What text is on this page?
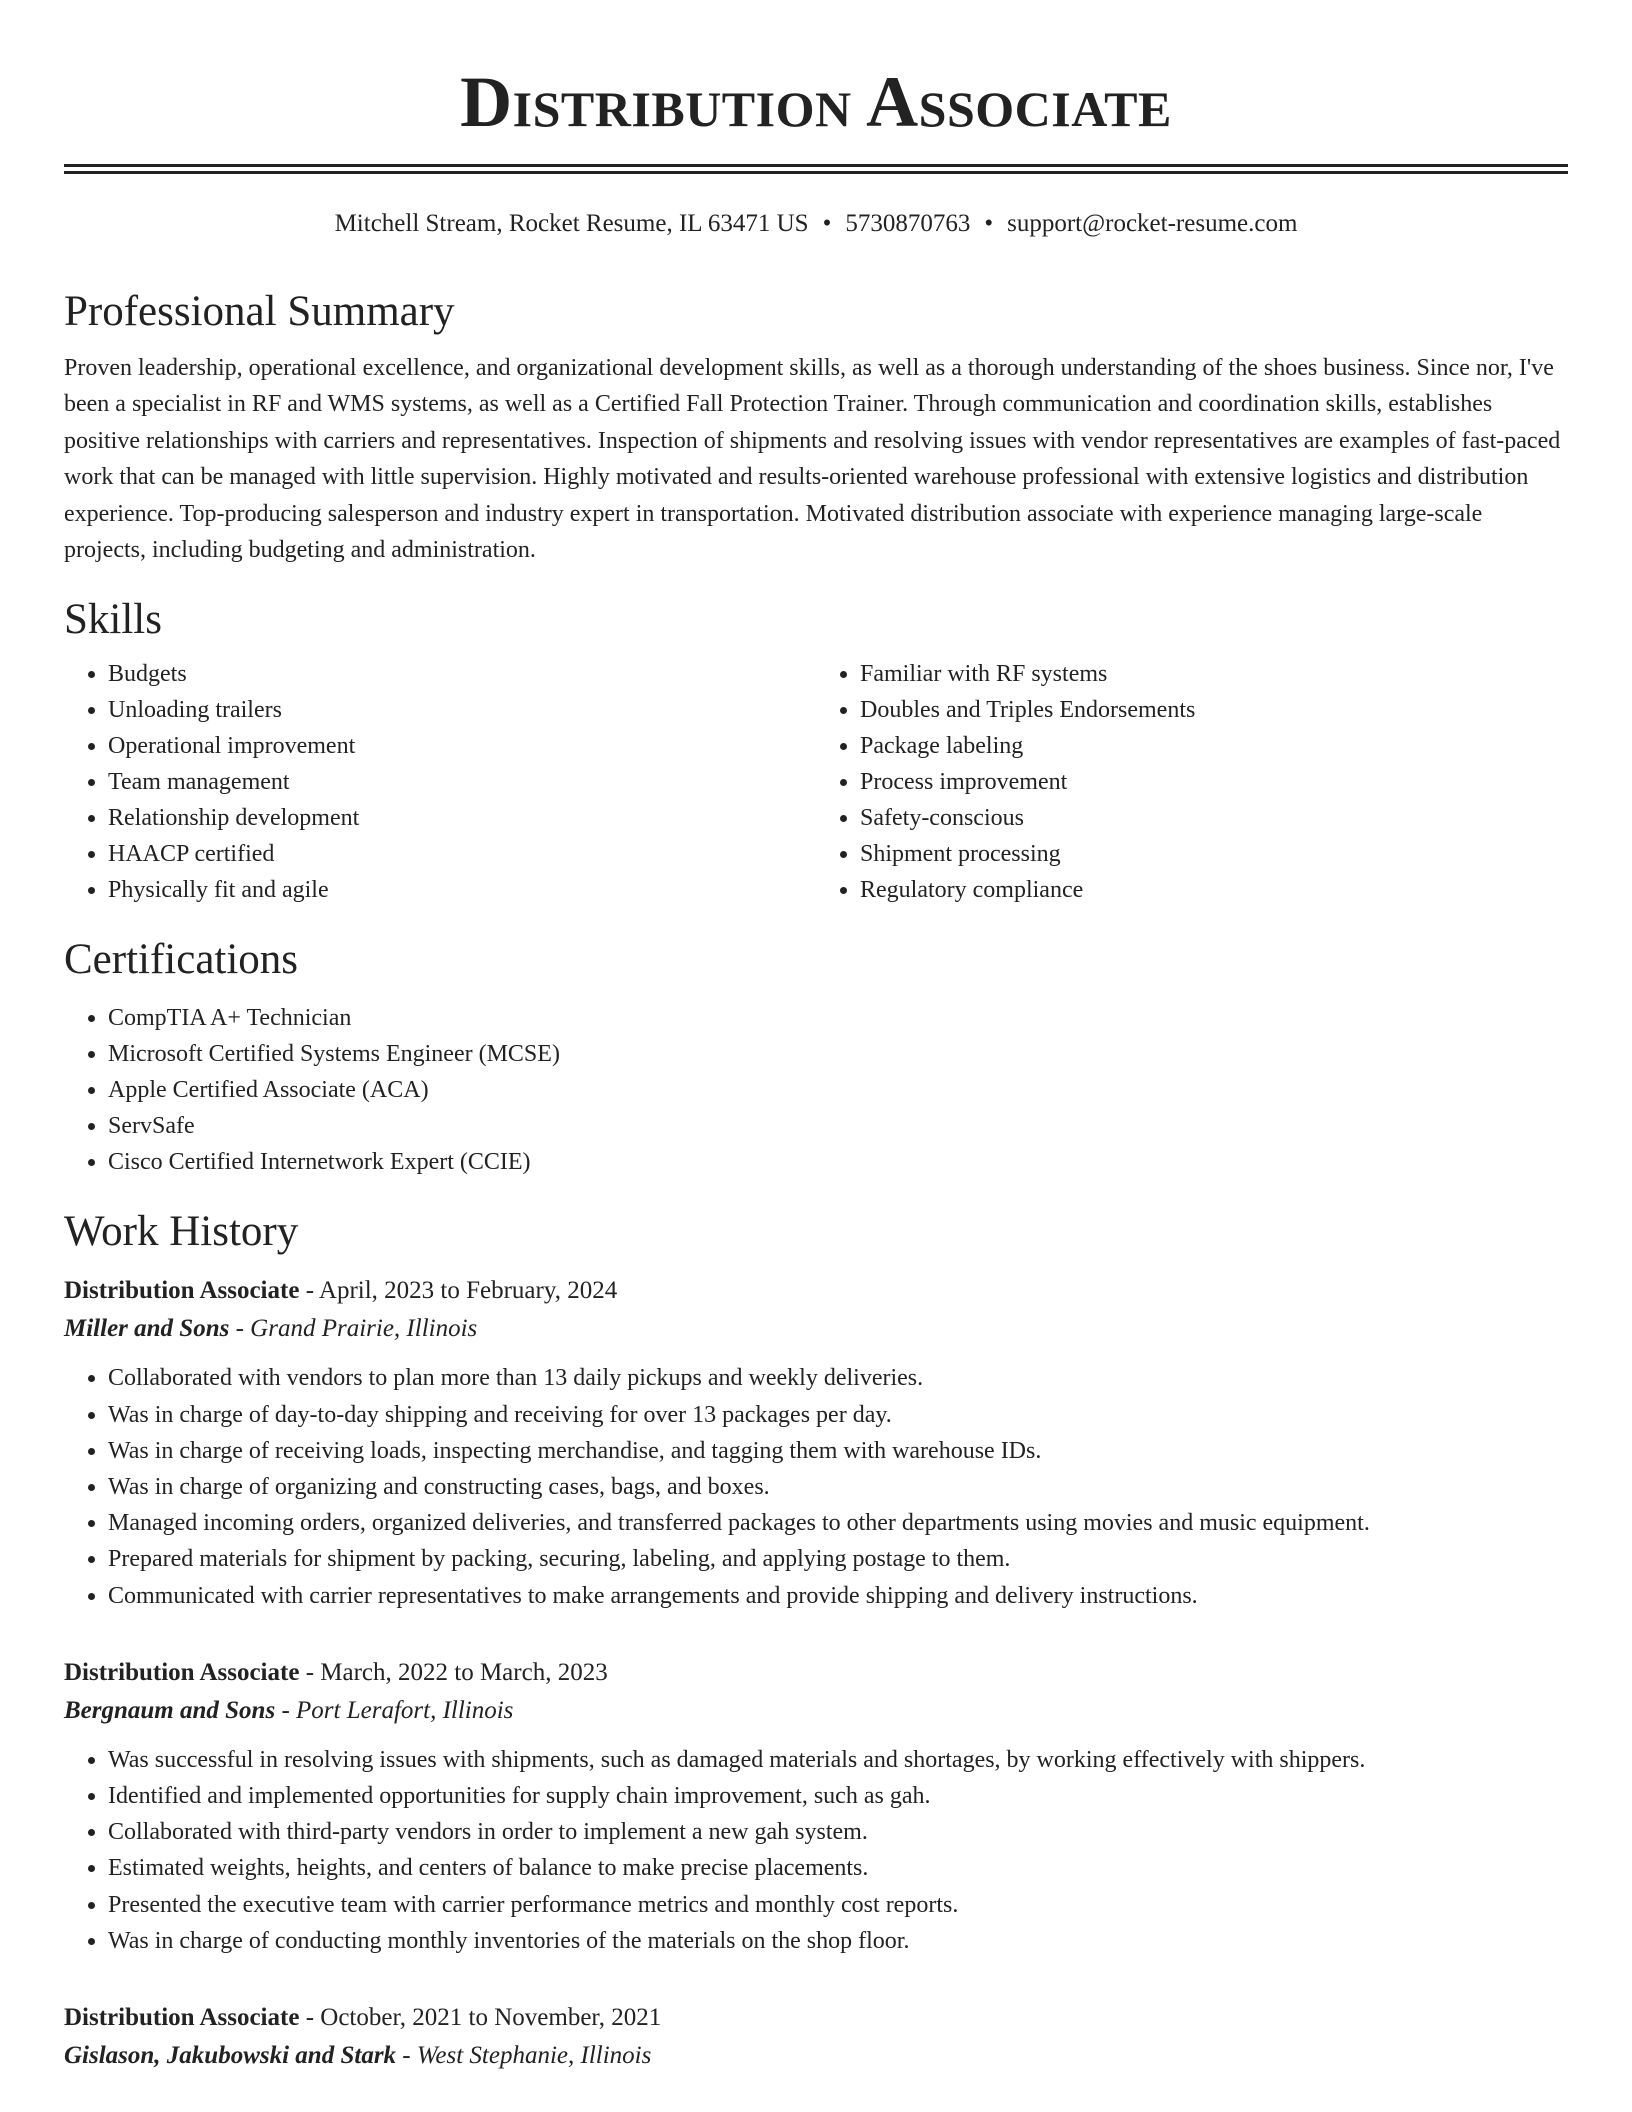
Distribution Associate
Mitchell Stream, Rocket Resume, IL 63471 US • 5730870763 • support@rocket-resume.com
Professional Summary

Proven leadership, operational excellence, and organizational development skills, as well as a thorough understanding of the shoes business. Since nor, I've been a specialist in RF and WMS systems, as well as a Certified Fall Protection Trainer. Through communication and coordination skills, establishes positive relationships with carriers and representatives. Inspection of shipments and resolving issues with vendor representatives are examples of fast-paced work that can be managed with little supervision. Highly motivated and results-oriented warehouse professional with extensive logistics and distribution experience. Top-producing salesperson and industry expert in transportation. Motivated distribution associate with experience managing large-scale projects, including budgeting and administration.

Skills
• Budgets
• Unloading trailers
• Operational improvement
• Team management
• Relationship development
• HAACP certified
• Physically fit and agile
• Familiar with RF systems
• Doubles and Triples Endorsements
• Package labeling
• Process improvement
• Safety-conscious
• Shipment processing
• Regulatory compliance
Certifications
• CompTIA A+ Technician
• Microsoft Certified Systems Engineer (MCSE)
• Apple Certified Associate (ACA)
• ServSafe
• Cisco Certified Internetwork Expert (CCIE)
Work History
Distribution Associate - April, 2023 to February, 2024
Miller and Sons - Grand Prairie, Illinois
• Collaborated with vendors to plan more than 13 daily pickups and weekly deliveries.
• Was in charge of day-to-day shipping and receiving for over 13 packages per day.
• Was in charge of receiving loads, inspecting merchandise, and tagging them with warehouse IDs.
• Was in charge of organizing and constructing cases, bags, and boxes.
• Managed incoming orders, organized deliveries, and transferred packages to other departments using movies and music equipment.
• Prepared materials for shipment by packing, securing, labeling, and applying postage to them.
• Communicated with carrier representatives to make arrangements and provide shipping and delivery instructions.
Distribution Associate - March, 2022 to March, 2023
Bergnaum and Sons - Port Lerafort, Illinois
• Was successful in resolving issues with shipments, such as damaged materials and shortages, by working effectively with shippers.
• Identified and implemented opportunities for supply chain improvement, such as gah.
• Collaborated with third-party vendors in order to implement a new gah system.
• Estimated weights, heights, and centers of balance to make precise placements.
• Presented the executive team with carrier performance metrics and monthly cost reports.
• Was in charge of conducting monthly inventories of the materials on the shop floor.
Distribution Associate - October, 2021 to November, 2021
Gislason, Jakubowski and Stark - West Stephanie, Illinois
